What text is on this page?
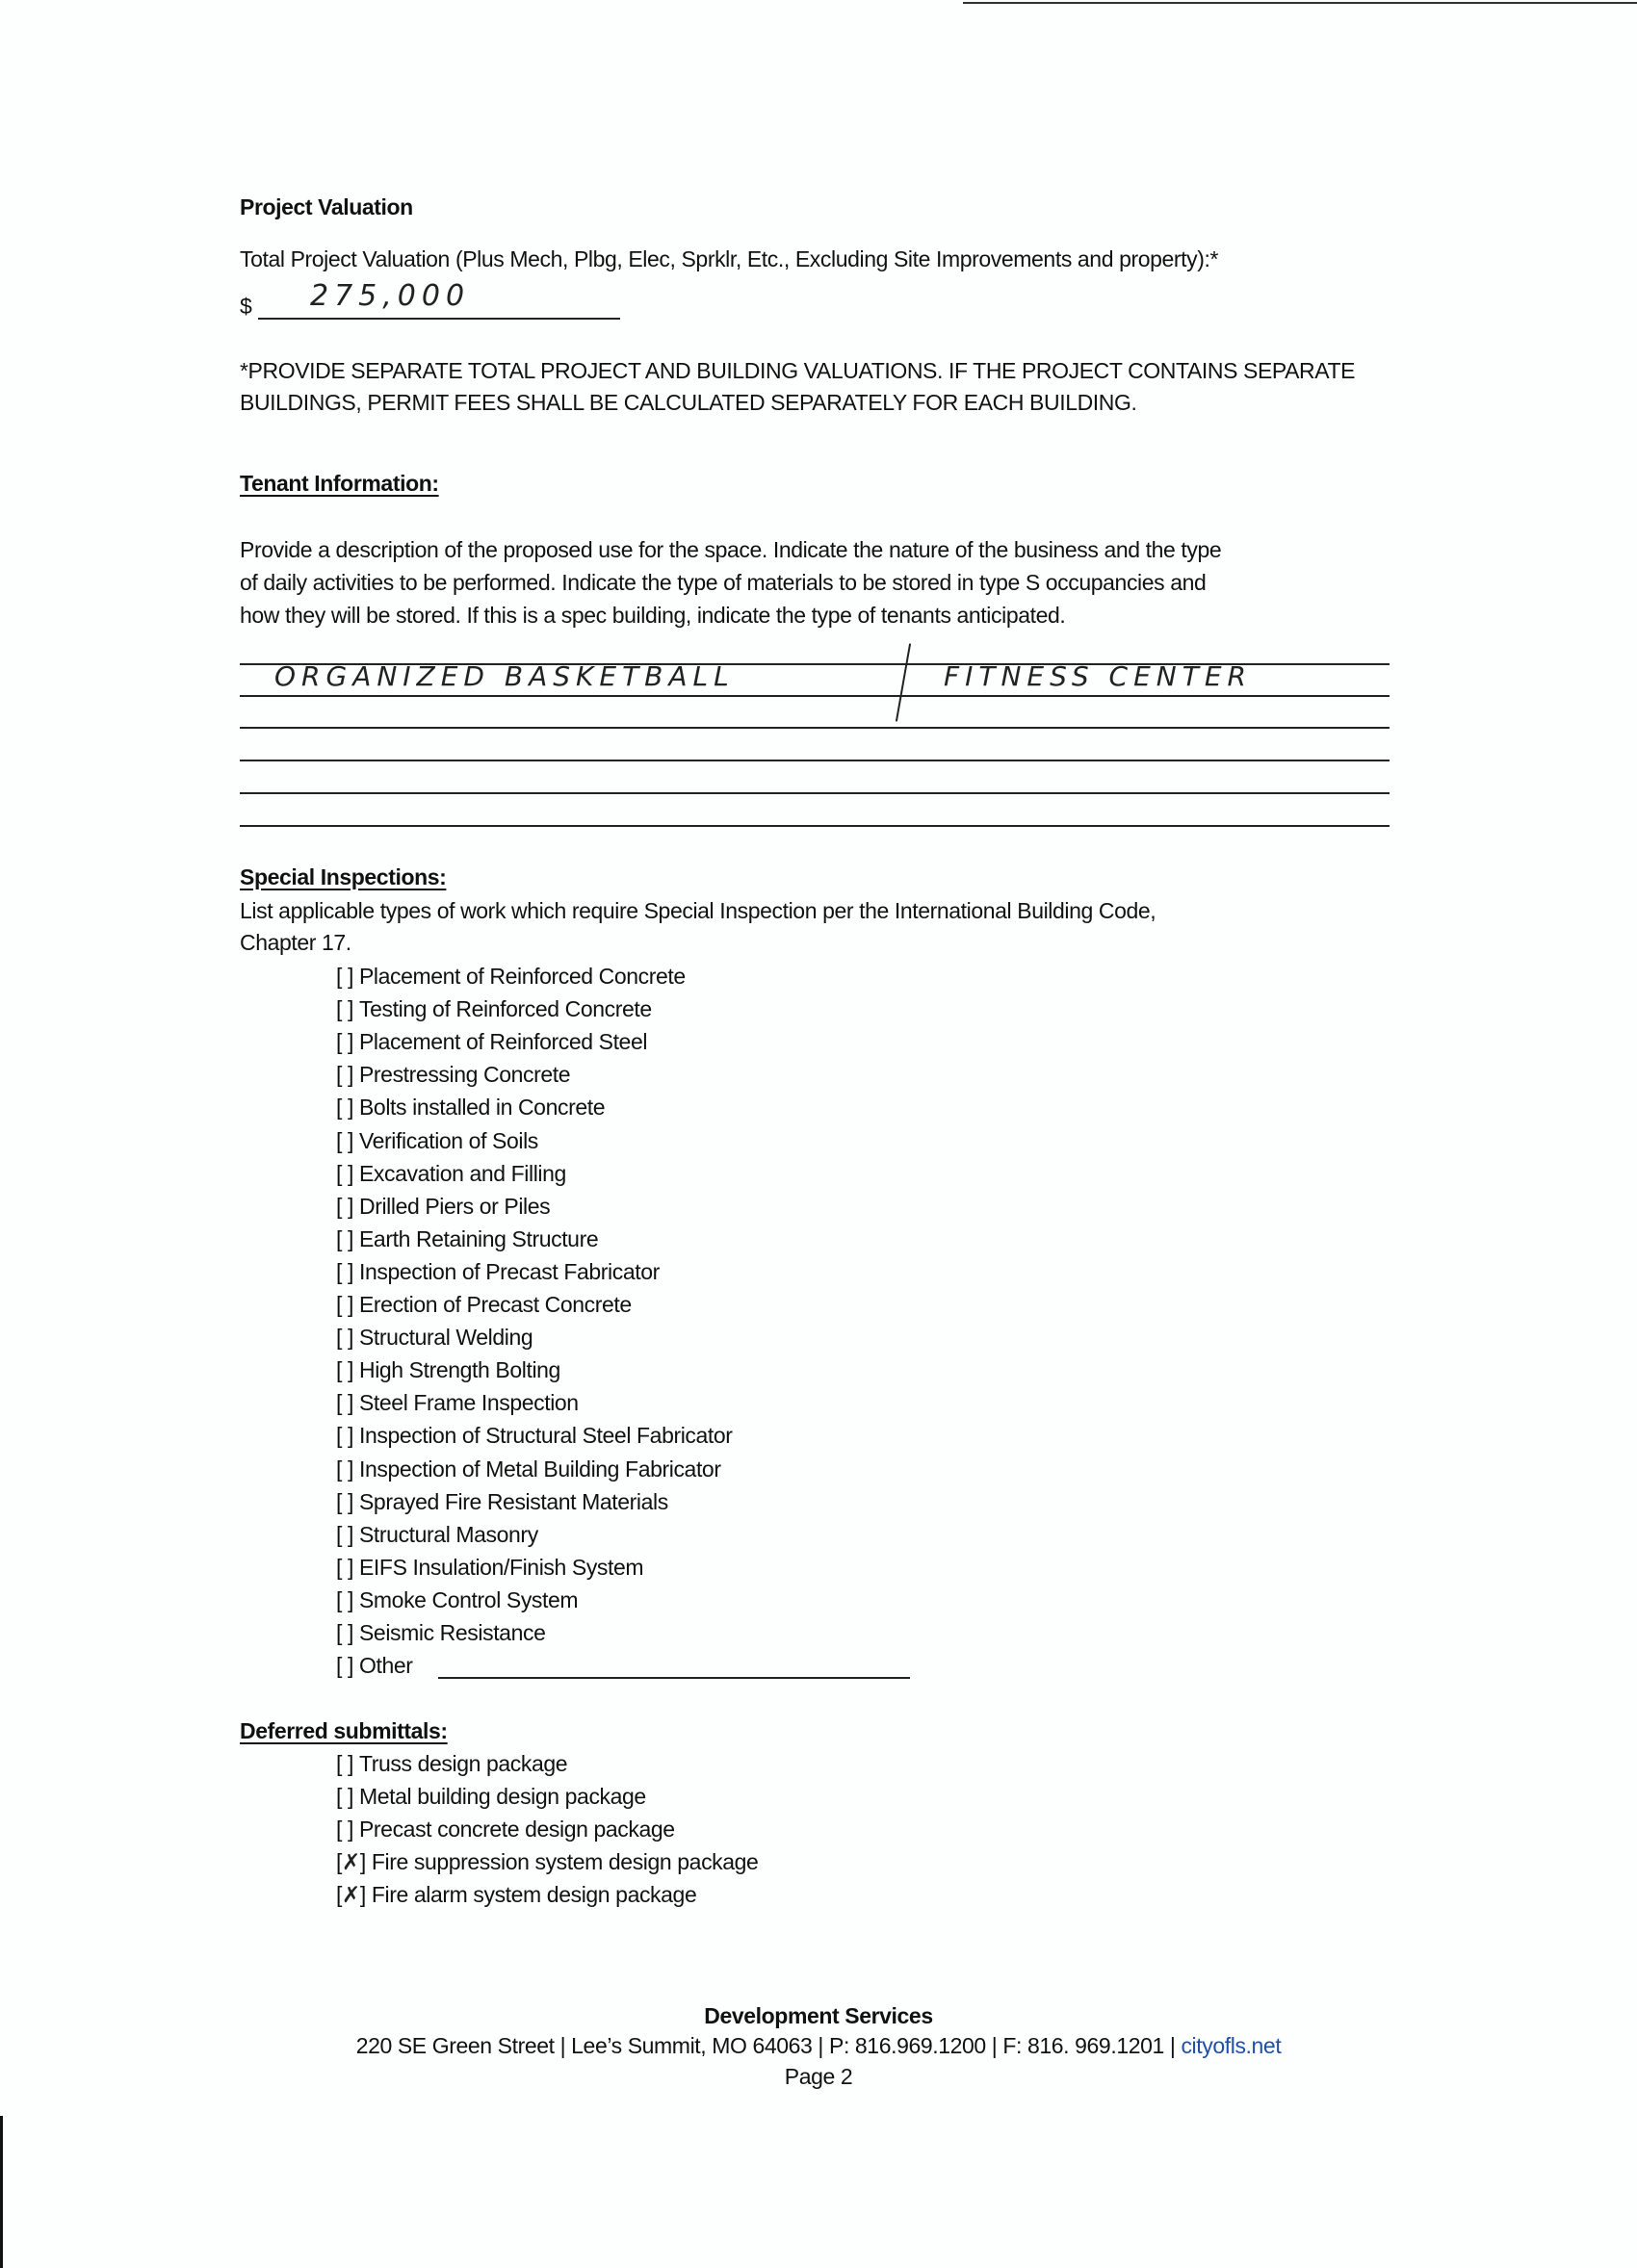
Project Valuation
Total Project Valuation (Plus Mech, Plbg, Elec, Sprklr, Etc., Excluding Site Improvements and property):*
$ 275,000
*PROVIDE SEPARATE TOTAL PROJECT AND BUILDING VALUATIONS. IF THE PROJECT CONTAINS SEPARATE
BUILDINGS, PERMIT FEES SHALL BE CALCULATED SEPARATELY FOR EACH BUILDING.
Tenant Information:
Provide a description of the proposed use for the space. Indicate the nature of the business and the type
of daily activities to be performed. Indicate the type of materials to be stored in type S occupancies and
how they will be stored. If this is a spec building, indicate the type of tenants anticipated.
ORGANIZED BASKETBALL	FITNESS CENTER
Special Inspections:
List applicable types of work which require Special Inspection per the International Building Code,
Chapter 17.
[ ] Placement of Reinforced Concrete
[ ] Testing of Reinforced Concrete
[ ] Placement of Reinforced Steel
[ ] Prestressing Concrete
[ ] Bolts installed in Concrete
[ ] Verification of Soils
[ ] Excavation and Filling
[ ] Drilled Piers or Piles
[ ] Earth Retaining Structure
[ ] Inspection of Precast Fabricator
[ ] Erection of Precast Concrete
[ ] Structural Welding
[ ] High Strength Bolting
[ ] Steel Frame Inspection
[ ] Inspection of Structural Steel Fabricator
[ ] Inspection of Metal Building Fabricator
[ ] Sprayed Fire Resistant Materials
[ ] Structural Masonry
[ ] EIFS Insulation/Finish System
[ ] Smoke Control System
[ ] Seismic Resistance
[ ] Other
Deferred submittals:
[ ] Truss design package
[ ] Metal building design package
[ ] Precast concrete design package
[✗] Fire suppression system design package
[✗] Fire alarm system design package
Development Services
220 SE Green Street | Lee’s Summit, MO 64063 | P: 816.969.1200 | F: 816. 969.1201 | cityofls.net
Page 2
